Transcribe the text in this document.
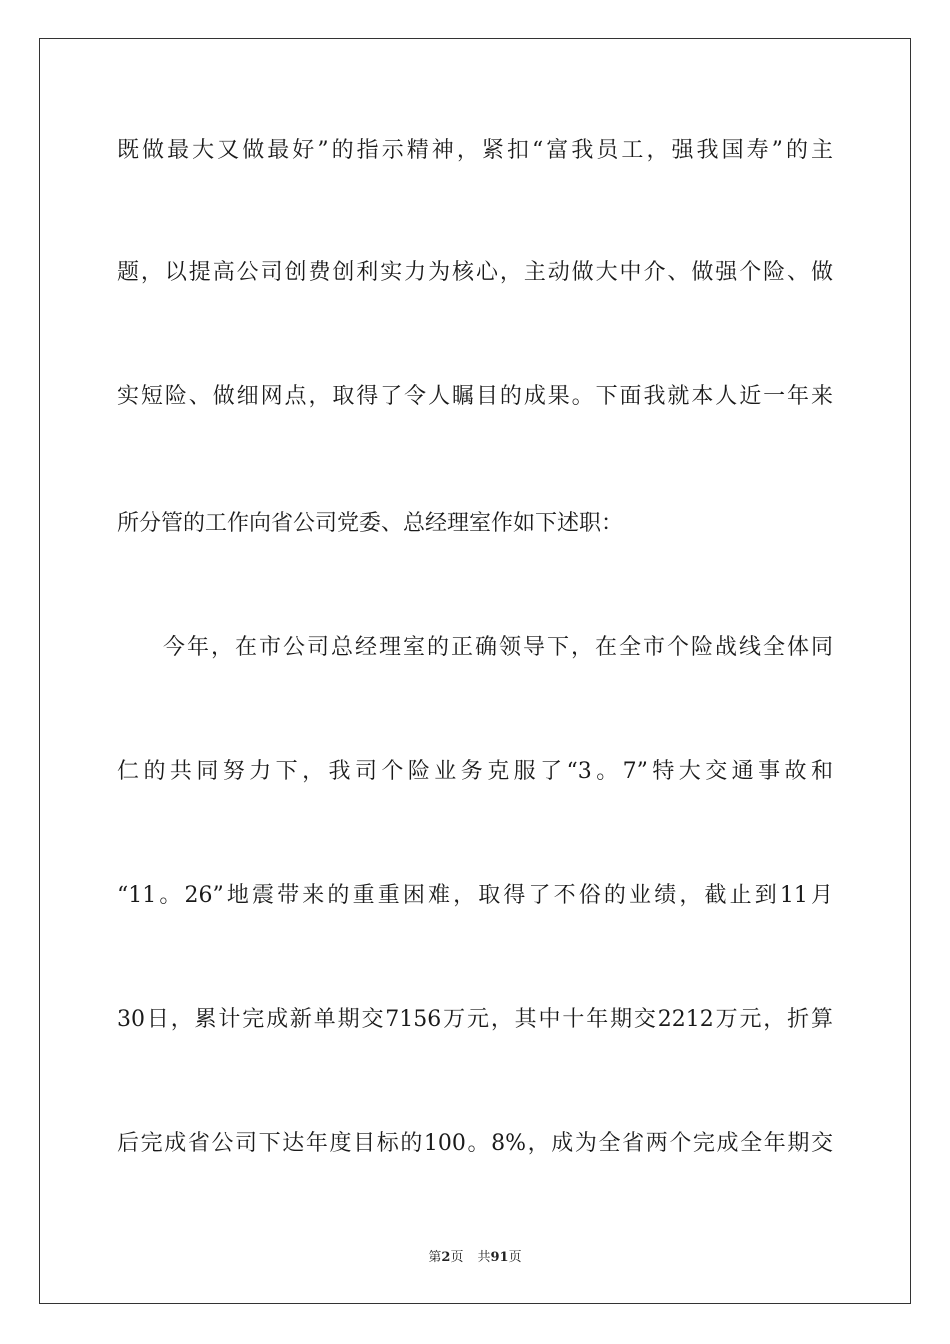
既做最大又做最好”的指示精神，紧扣“富我员工，强我国寿”的主
题，以提高公司创费创利实力为核心，主动做大中介、做强个险、做
实短险、做细网点，取得了令人瞩目的成果。下面我就本人近一年来
所分管的工作向省公司党委、总经理室作如下述职：
今年，在市公司总经理室的正确领导下，在全市个险战线全体同
仁的共同努力下，我司个险业务克服了“3。7”特大交通事故和
“11。26”地震带来的重重困难，取得了不俗的业绩，截止到11月
30日，累计完成新单期交7156万元，其中十年期交2212万元，折算
后完成省公司下达年度目标的100。8%，成为全省两个完成全年期交
第2页 共91页
